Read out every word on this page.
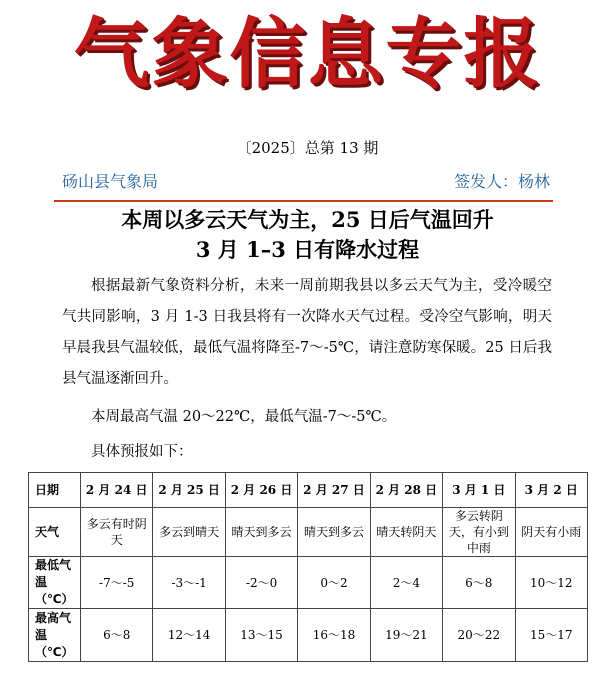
气象信息专报
〔2025〕总第 13 期
砀山县气象局	签发人：杨林
本周以多云天气为主，25 日后气温回升
3 月 1–3 日有降水过程

根据最新气象资料分析，未来一周前期我县以多云天气为主，受冷暖空气共同影响，3 月 1-3 日我县将有一次降水天气过程。受冷空气影响，明天早晨我县气温较低，最低气温将降至-7～-5℃，请注意防寒保暖。25 日后我县气温逐渐回升。

本周最高气温 20～22℃，最低气温-7～-5℃。

具体预报如下：

日期	2 月 24 日	2 月 25 日	2 月 26 日	2 月 27 日	2 月 28 日	3 月 1 日	3 月 2 日
天气	多云有时阴天	多云到晴天	晴天到多云	晴天到多云	晴天转阴天	多云转阴天，有小到中雨	阴天有小雨
最低气温（℃）	-7～-5	-3～-1	-2～0	0～2	2～4	6～8	10～12
最高气温（℃）	6～8	12～14	13～15	16～18	19～21	20～22	15～17
